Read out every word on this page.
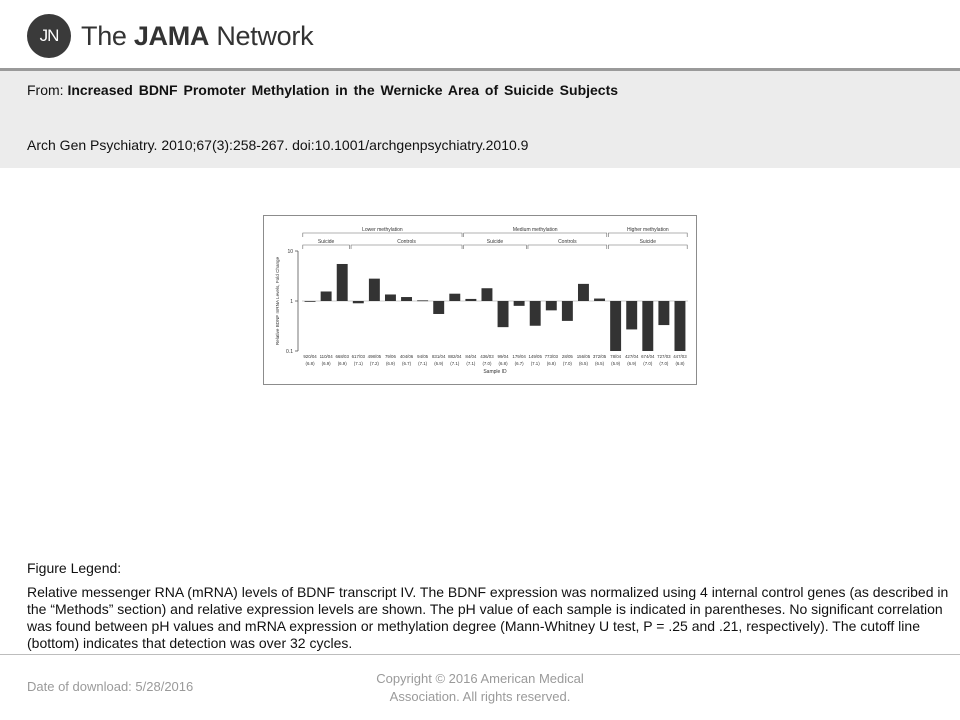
JN The JAMA Network
From: Increased BDNF Promoter Methylation in the Wernicke Area of Suicide Subjects
Arch Gen Psychiatry. 2010;67(3):258-267. doi:10.1001/archgenpsychiatry.2010.9
0.1
1
10
Relative BDNF mRNA Levels, Fold Change
920/04
(6.8)
110/04
(6.9)
668/03
(6.9)
617/03
(7.1)
498/05
(7.2)
79/06
(6.9)
404/06
(6.7)
94/05
(7.1)
831/04
(6.9)
882/04
(7.1)
84/04
(7.1)
436/03
(7.0)
99/04
(6.8)
179/04
(6.7)
149/05
(7.1)
773/03
(6.8)
28/05
(7.0)
156/05
(6.5)
372/05
(6.5)
78/04
(5.9)
427/04
(6.9)
674/04
(7.0)
727/03
(7.0)
447/03
(6.8)
Sample ID
Lower methylation	Medium methylation	Higher methylation
Suicide	Controls	Suicide	Controls	Suicide
Figure Legend:
Relative messenger RNA (mRNA) levels of BDNF transcript IV. The BDNF expression was normalized using 4 internal control genes (as described in the “Methods” section) and relative expression levels are shown. The pH value of each sample is indicated in parentheses. No significant correlation was found between pH values and mRNA expression or methylation degree (Mann-Whitney U test, P = .25 and .21, respectively). The cutoff line (bottom) indicates that detection was over 32 cycles.
Date of download: 5/28/2016
Copyright © 2016 American Medical
Association. All rights reserved.
